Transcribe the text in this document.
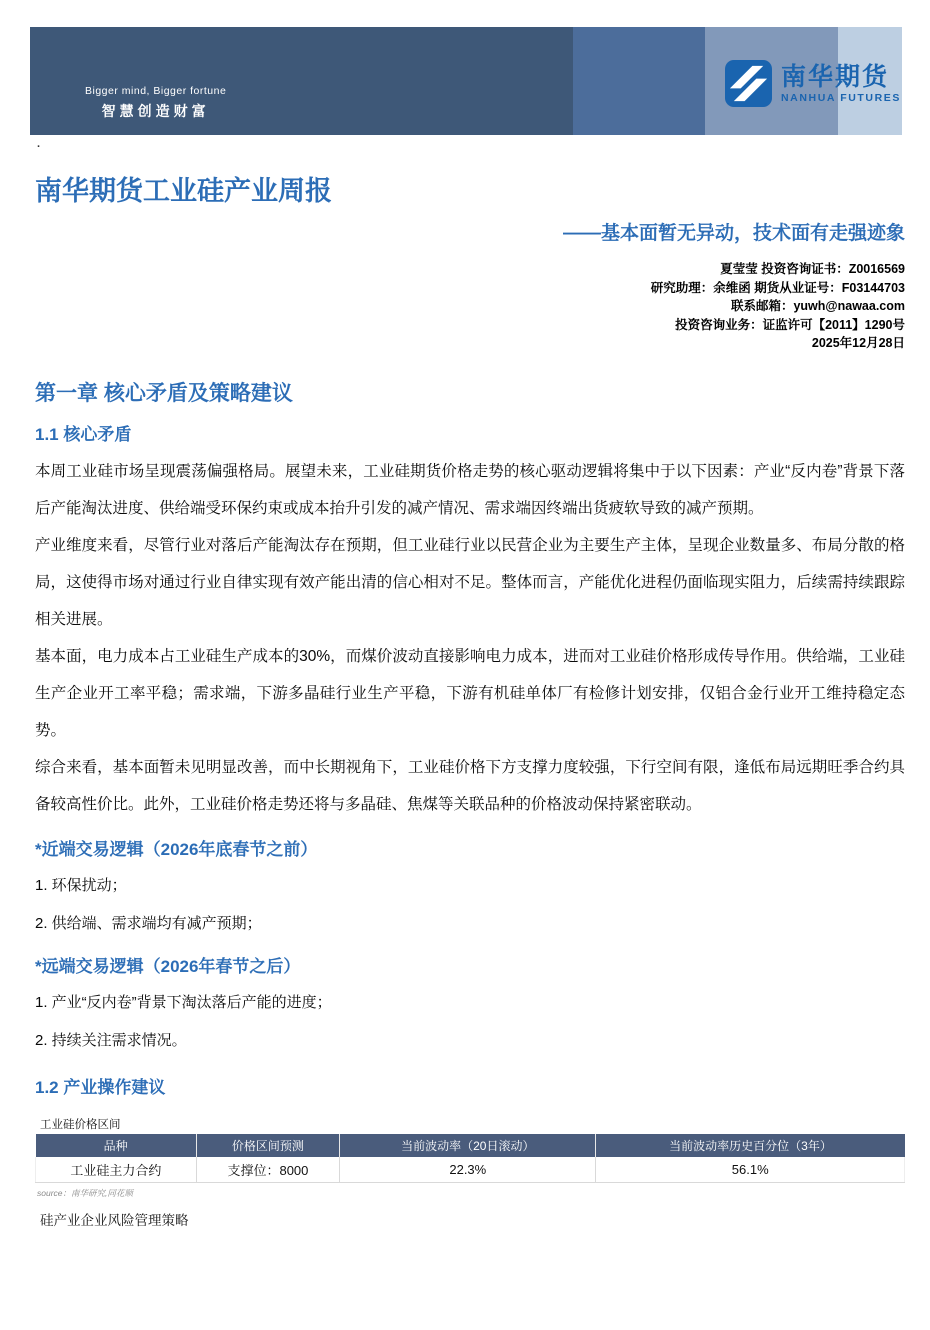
Bigger mind, Bigger fortune
智慧创造财富
南华期货
NANHUA FUTURES
.
南华期货工业硅产业周报
——基本面暂无异动，技术面有走强迹象
夏莹莹 投资咨询证书：Z0016569
研究助理：余维函 期货从业证号：F03144703
联系邮箱：yuwh@nawaa.com
投资咨询业务：证监许可【2011】1290号
2025年12月28日
第一章 核心矛盾及策略建议
1.1 核心矛盾

本周工业硅市场呈现震荡偏强格局。展望未来，工业硅期货价格走势的核心驱动逻辑将集中于以下因素：产业“反内卷”背景下落后产能淘汰进度、供给端受环保约束或成本抬升引发的减产情况、需求端因终端出货疲软导致的减产预期。

产业维度来看，尽管行业对落后产能淘汰存在预期，但工业硅行业以民营企业为主要生产主体，呈现企业数量多、布局分散的格局，这使得市场对通过行业自律实现有效产能出清的信心相对不足。整体而言，产能优化进程仍面临现实阻力，后续需持续跟踪相关进展。

基本面，电力成本占工业硅生产成本的30%，而煤价波动直接影响电力成本，进而对工业硅价格形成传导作用。供给端，工业硅生产企业开工率平稳；需求端，下游多晶硅行业生产平稳，下游有机硅单体厂有检修计划安排，仅铝合金行业开工维持稳定态势。

综合来看，基本面暂未见明显改善，而中长期视角下，工业硅价格下方支撑力度较强，下行空间有限，逢低布局远期旺季合约具备较高性价比。此外，工业硅价格走势还将与多晶硅、焦煤等关联品种的价格波动保持紧密联动。

*近端交易逻辑（2026年底春节之前）

1. 环保扰动；

2. 供给端、需求端均有减产预期；

*远端交易逻辑（2026年春节之后）

1. 产业“反内卷”背景下淘汰落后产能的进度；

2. 持续关注需求情况。

1.2 产业操作建议
工业硅价格区间
品种	价格区间预测	当前波动率（20日滚动）	当前波动率历史百分位（3年）
工业硅主力合约	支撑位：8000	22.3%	56.1%
source：南华研究,同花顺
硅产业企业风险管理策略
